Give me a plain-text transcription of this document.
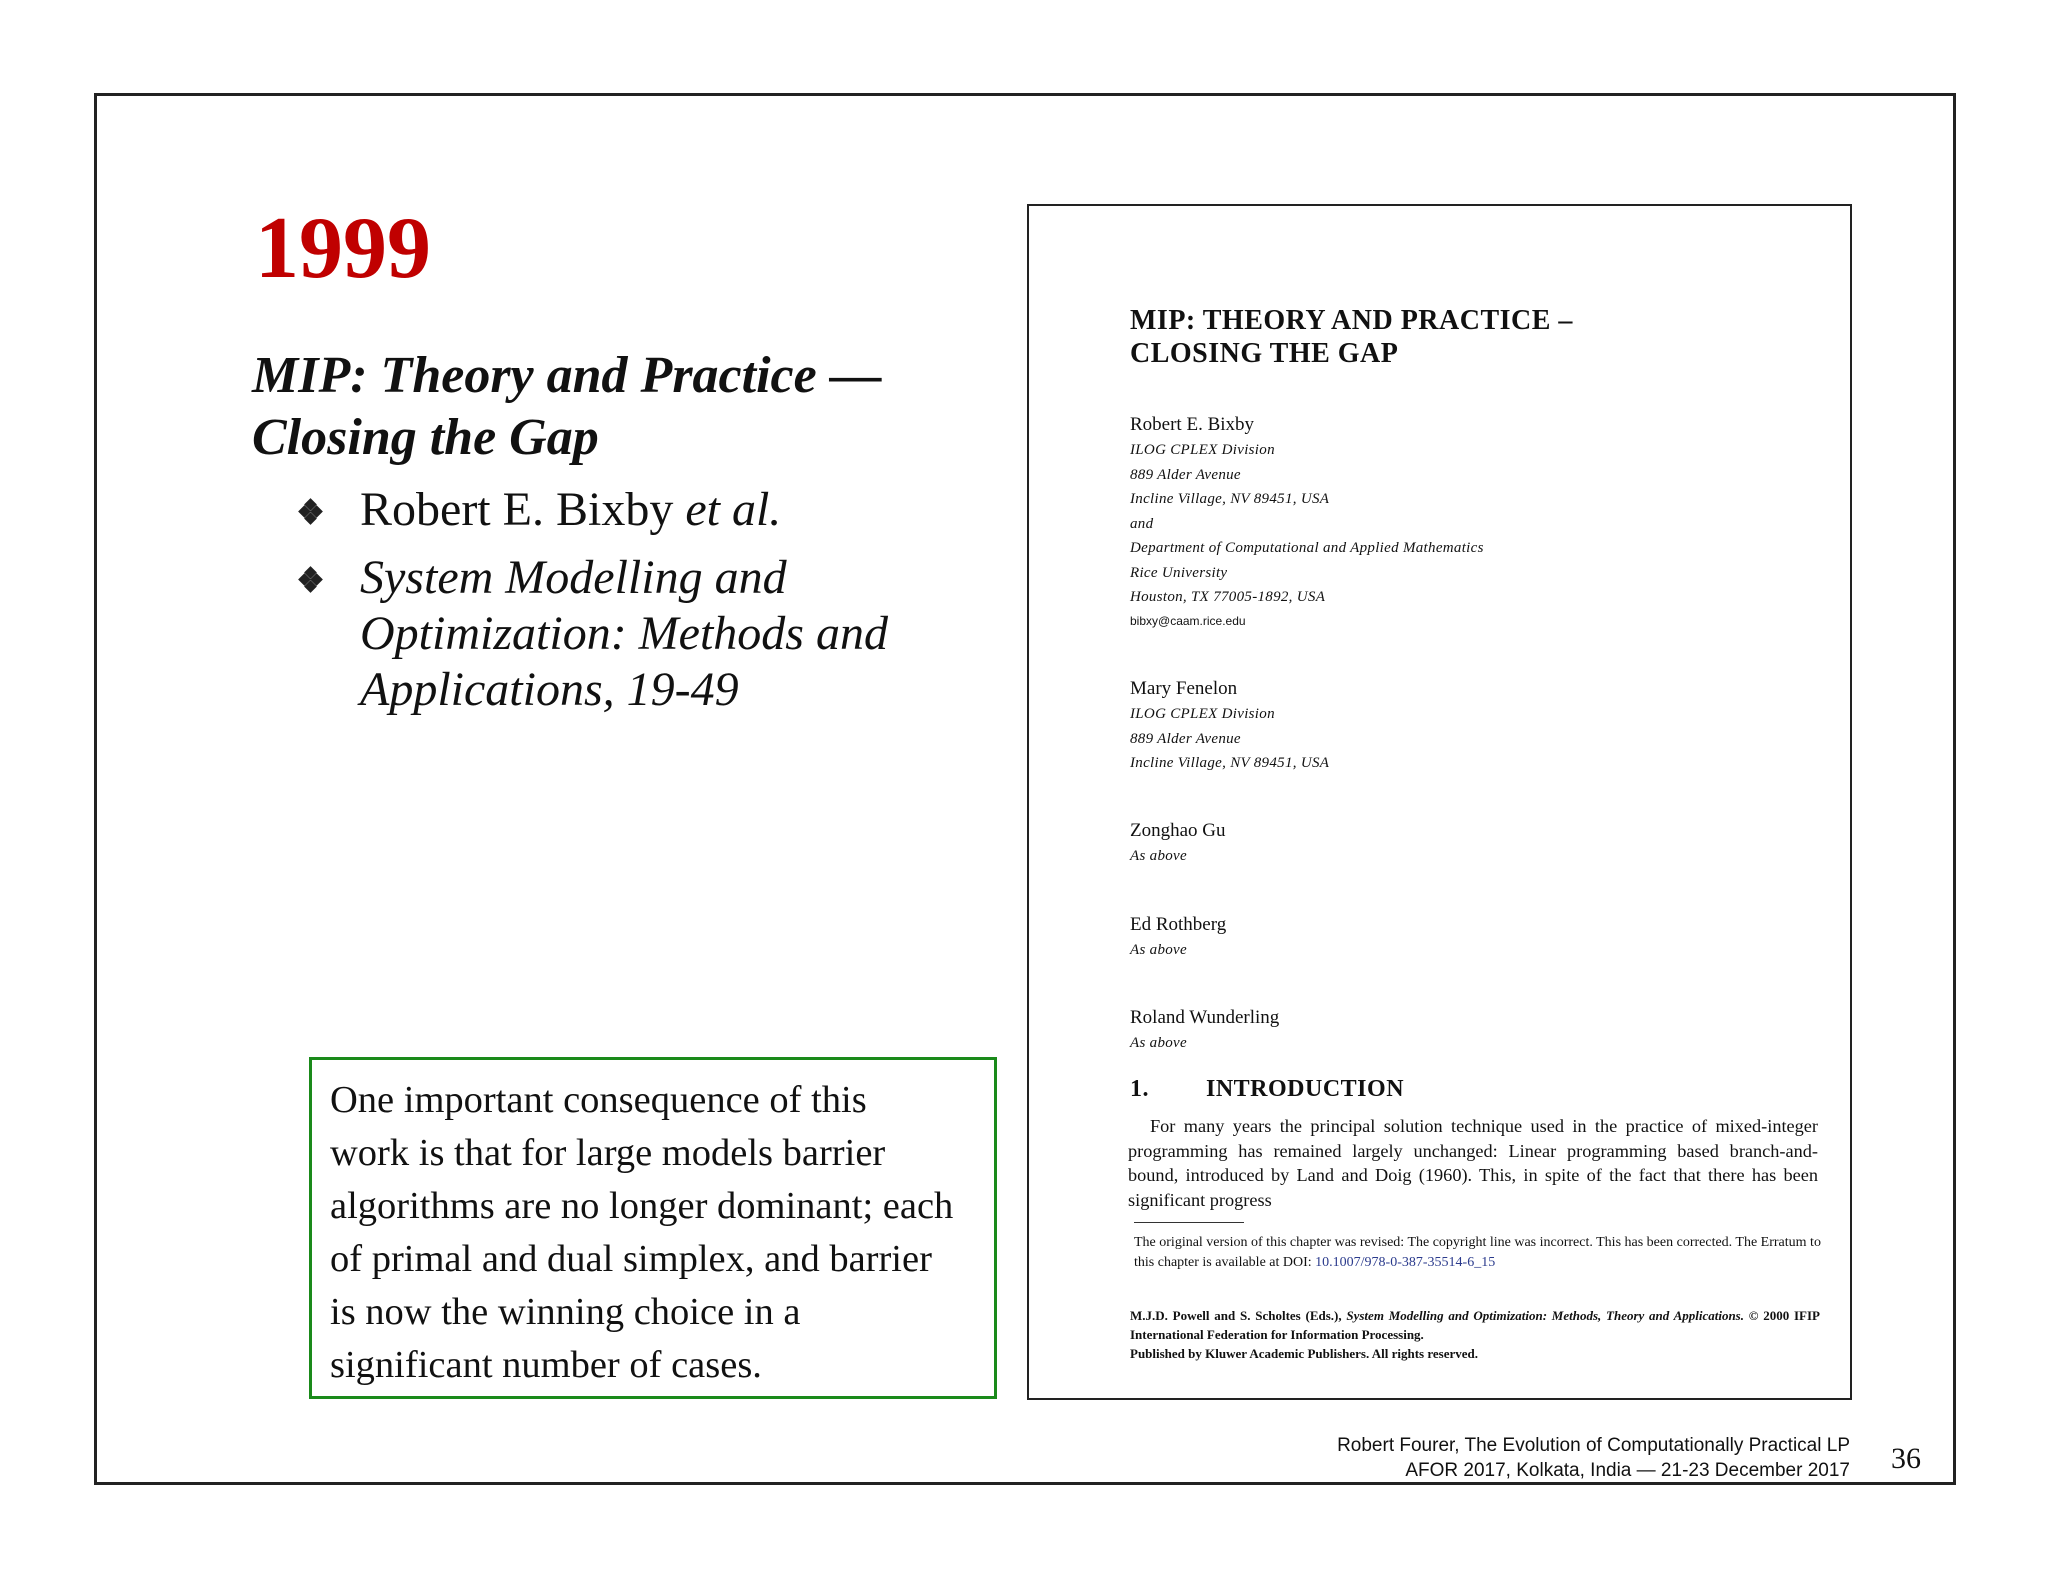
1999
MIP: Theory and Practice —
Closing the Gap
Robert E. Bixby et al.
System Modelling and
Optimization: Methods and
Applications, 19-49
One important consequence of this
work is that for large models barrier
algorithms are no longer dominant; each
of primal and dual simplex, and barrier
is now the winning choice in a
significant number of cases.
MIP: THEORY AND PRACTICE –
CLOSING THE GAP
Robert E. Bixby
ILOG CPLEX Division
889 Alder Avenue
Incline Village, NV 89451, USA
and
Department of Computational and Applied Mathematics
Rice University
Houston, TX 77005-1892, USA
bibxy@caam.rice.edu
Mary Fenelon
ILOG CPLEX Division
889 Alder Avenue
Incline Village, NV 89451, USA
Zonghao Gu
As above
Ed Rothberg
As above
Roland Wunderling
As above
1. INTRODUCTION
For many years the principal solution technique used in the practice of mixed-integer programming has remained largely unchanged: Linear programming based branch-and-bound, introduced by Land and Doig (1960). This, in spite of the fact that there has been significant progress
The original version of this chapter was revised: The copyright line was incorrect. This has been corrected. The Erratum to this chapter is available at DOI: 10.1007/978-0-387-35514-6_15
M.J.D. Powell and S. Scholtes (Eds.), System Modelling and Optimization: Methods, Theory and Applications. © 2000 IFIP International Federation for Information Processing.
Published by Kluwer Academic Publishers. All rights reserved.
Robert Fourer, The Evolution of Computationally Practical LP
AFOR 2017, Kolkata, India — 21-23 December 2017 36
